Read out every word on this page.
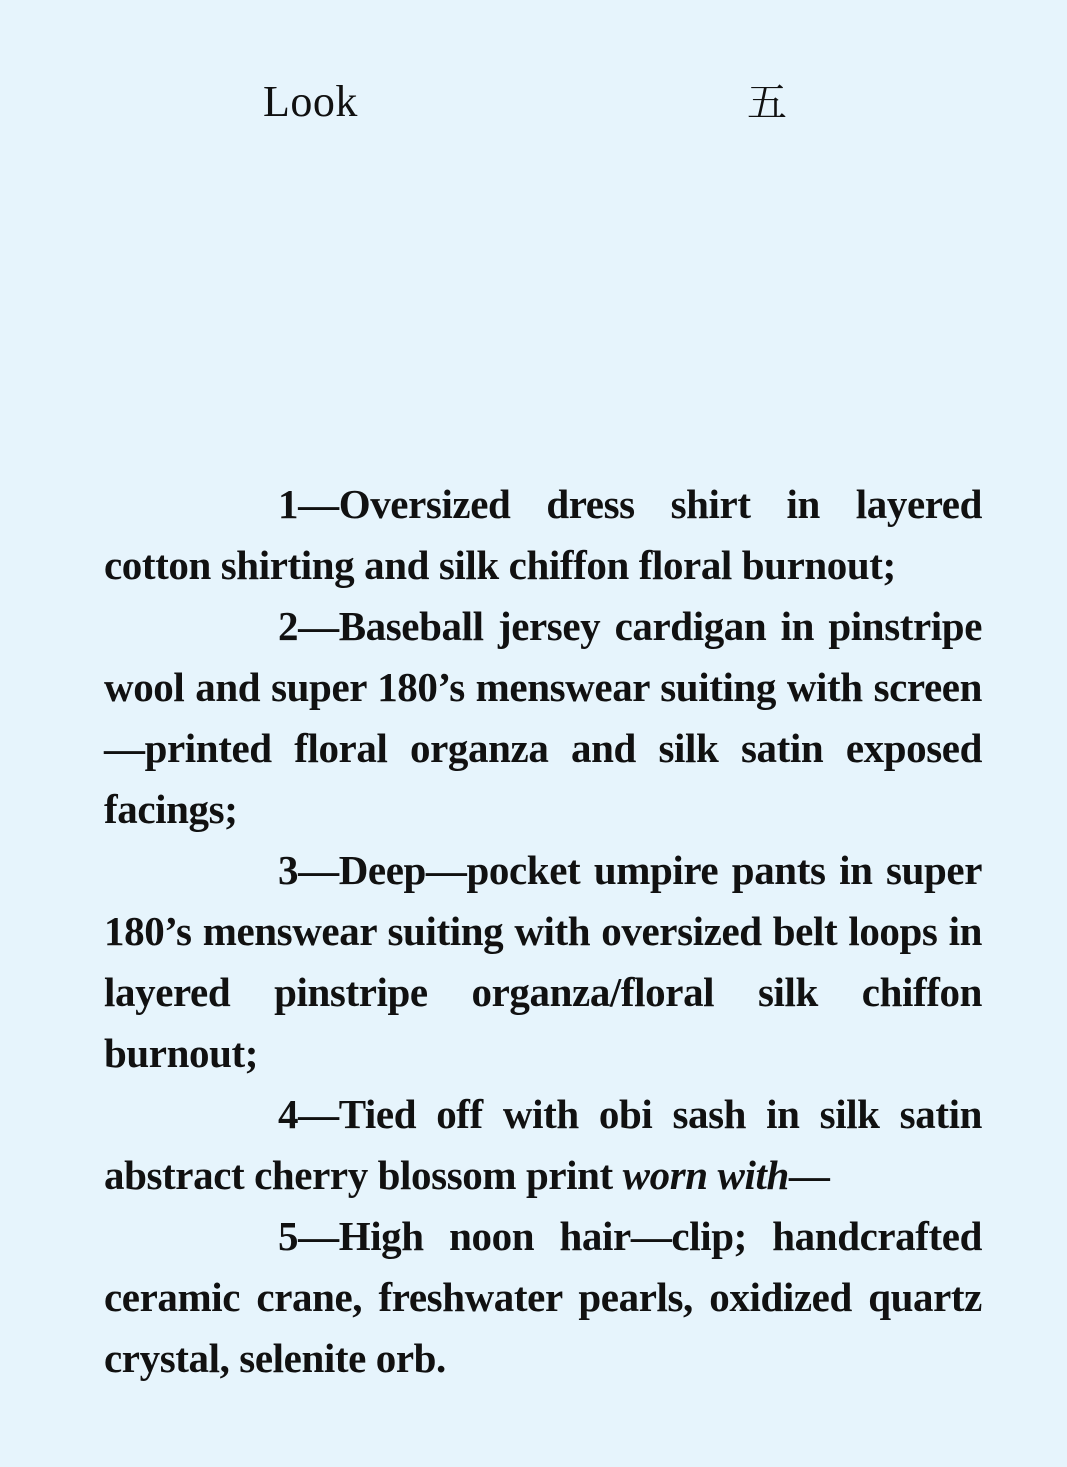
Look	五

1—Oversized dress shirt in layered cotton shirting and silk chiffon floral burnout;

2—Baseball jersey cardigan in pinstripe wool and super 180’s menswear suiting with screen—printed floral organza and silk satin exposed facings;

3—Deep—pocket umpire pants in super 180’s menswear suiting with oversized belt loops in layered pinstripe organza/floral silk chiffon burnout;

4—Tied off with obi sash in silk satin abstract cherry blossom print worn with—

5—High noon hair—clip; handcrafted ceramic crane, freshwater pearls, oxidized quartz crystal, selenite orb.
